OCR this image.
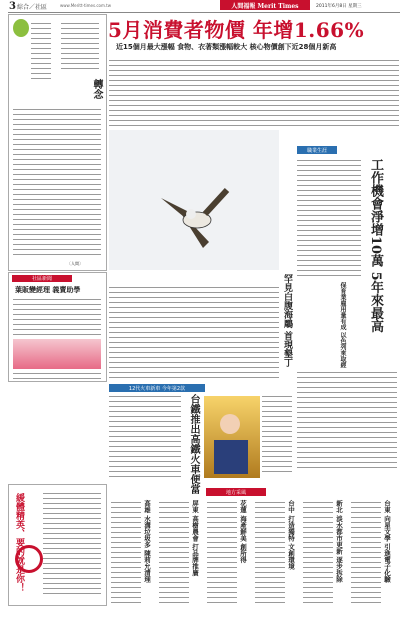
3 綜合／社區	www.Meritt-times.com.tw	人間福報 Merit Times	2011年6月8日 星期三
轉念
〔人間〕
社區新聞
葉販變經理 義賣助學
緩體精英、要的就是你！
5月消費者物價 年增1.66%
近15個月最大漲幅 食物、衣著類漲幅較大 核心物價創下近28個月新高
罕見白腹海鵰 首現墾丁
職業生涯
工作機會淨增10萬 5年來最高
保育業雇用量有成 以色列來取經
12代火車新車 今年第2款
台鐵推出高鐵火車便當	地方采風
台東 向星文學 引進電子化驗
新北 淡水都市更新 逐步拆除
台中 打造獨特 文創環境
花蓮 海產鮮美 創所得
屏東 高樹農會 打品牌推廣
高雄 水溝垃圾多 陳莉允清理
